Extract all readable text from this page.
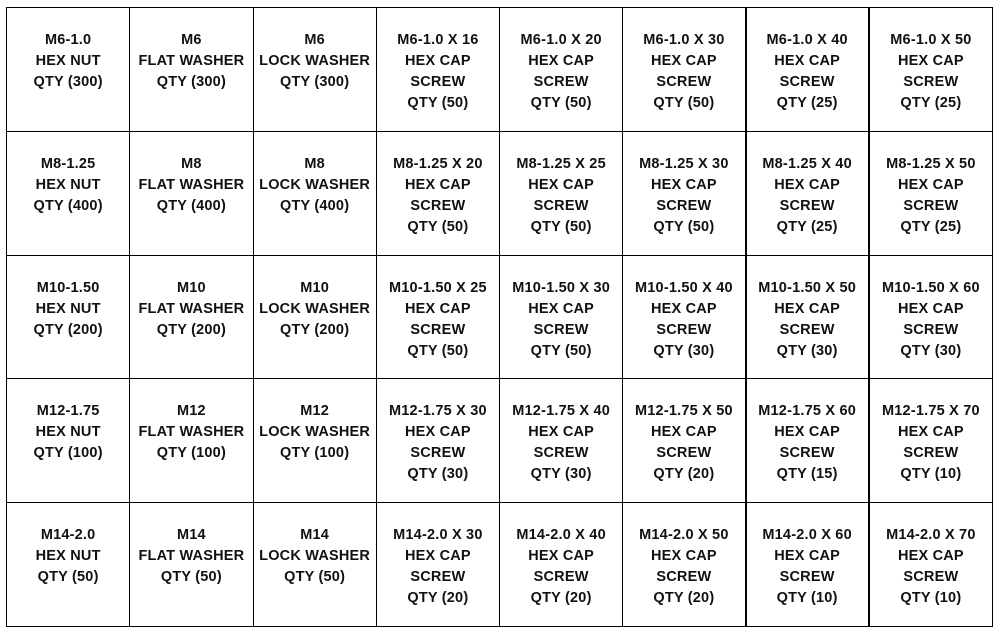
M6-1.0
HEX NUT
QTY (300)
M6
FLAT WASHER
QTY (300)
M6
LOCK WASHER
QTY (300)
M6-1.0 X 16
HEX CAP
SCREW
QTY (50)
M6-1.0 X 20
HEX CAP
SCREW
QTY (50)
M6-1.0 X 30
HEX CAP
SCREW
QTY (50)
M6-1.0 X 40
HEX CAP
SCREW
QTY (25)
M6-1.0 X 50
HEX CAP
SCREW
QTY (25)
M8-1.25
HEX NUT
QTY (400)
M8
FLAT WASHER
QTY (400)
M8
LOCK WASHER
QTY (400)
M8-1.25 X 20
HEX CAP
SCREW
QTY (50)
M8-1.25 X 25
HEX CAP
SCREW
QTY (50)
M8-1.25 X 30
HEX CAP
SCREW
QTY (50)
M8-1.25 X 40
HEX CAP
SCREW
QTY (25)
M8-1.25 X 50
HEX CAP
SCREW
QTY (25)
M10-1.50
HEX NUT
QTY (200)
M10
FLAT WASHER
QTY (200)
M10
LOCK WASHER
QTY (200)
M10-1.50 X 25
HEX CAP
SCREW
QTY (50)
M10-1.50 X 30
HEX CAP
SCREW
QTY (50)
M10-1.50 X 40
HEX CAP
SCREW
QTY (30)
M10-1.50 X 50
HEX CAP
SCREW
QTY (30)
M10-1.50 X 60
HEX CAP
SCREW
QTY (30)
M12-1.75
HEX NUT
QTY (100)
M12
FLAT WASHER
QTY (100)
M12
LOCK WASHER
QTY (100)
M12-1.75 X 30
HEX CAP
SCREW
QTY (30)
M12-1.75 X 40
HEX CAP
SCREW
QTY (30)
M12-1.75 X 50
HEX CAP
SCREW
QTY (20)
M12-1.75 X 60
HEX CAP
SCREW
QTY (15)
M12-1.75 X 70
HEX CAP
SCREW
QTY (10)
M14-2.0
HEX NUT
QTY (50)
M14
FLAT WASHER
QTY (50)
M14
LOCK WASHER
QTY (50)
M14-2.0 X 30
HEX CAP
SCREW
QTY (20)
M14-2.0 X 40
HEX CAP
SCREW
QTY (20)
M14-2.0 X 50
HEX CAP
SCREW
QTY (20)
M14-2.0 X 60
HEX CAP
SCREW
QTY (10)
M14-2.0 X 70
HEX CAP
SCREW
QTY (10)
